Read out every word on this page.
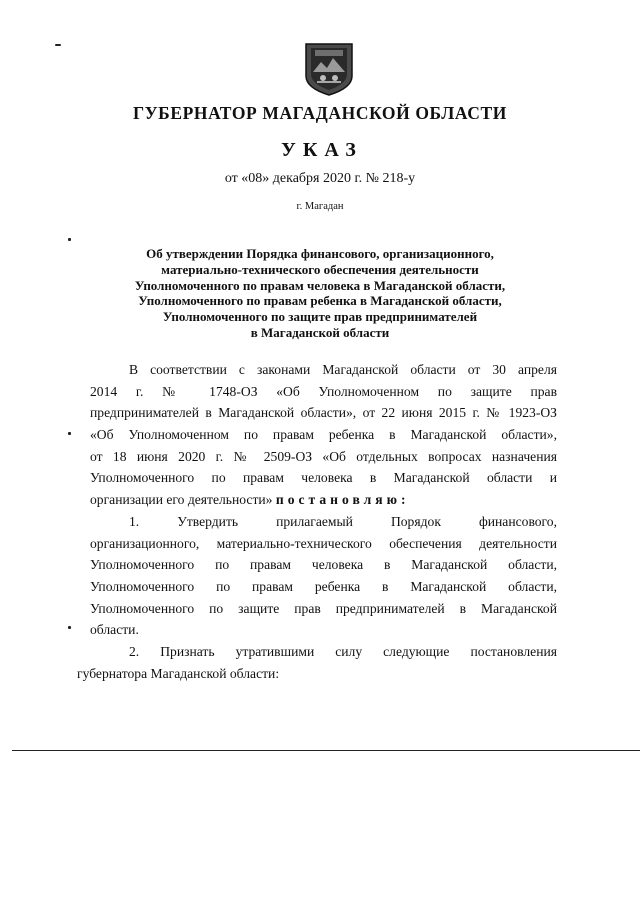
ГУБЕРНАТОР МАГАДАНСКОЙ ОБЛАСТИ
УКАЗ
от «08» декабря 2020 г. № 218-у
г. Магадан
Об утверждении Порядка финансового, организационного,
материально-технического обеспечения деятельности
Уполномоченного по правам человека в Магаданской области,
Уполномоченного по правам ребенка в Магаданской области,
Уполномоченного по защите прав предпринимателей
в Магаданской области
В соответствии с законами Магаданской области от 30 апреля
2014 г. № 1748-ОЗ «Об Уполномоченном по защите прав
предпринимателей в Магаданской области», от 22 июня 2015 г. № 1923-ОЗ
«Об Уполномоченном по правам ребенка в Магаданской области»,
от 18 июня 2020 г. № 2509-ОЗ «Об отдельных вопросах назначения
Уполномоченного по правам человека в Магаданской области и
организации его деятельности» постановляю:
1. Утвердить прилагаемый Порядок финансового,
организационного, материально-технического обеспечения деятельности
Уполномоченного по правам человека в Магаданской области,
Уполномоченного по правам ребенка в Магаданской области,
Уполномоченного по защите прав предпринимателей в Магаданской
области.
2. Признать утратившими силу следующие постановления
губернатора Магаданской области:
